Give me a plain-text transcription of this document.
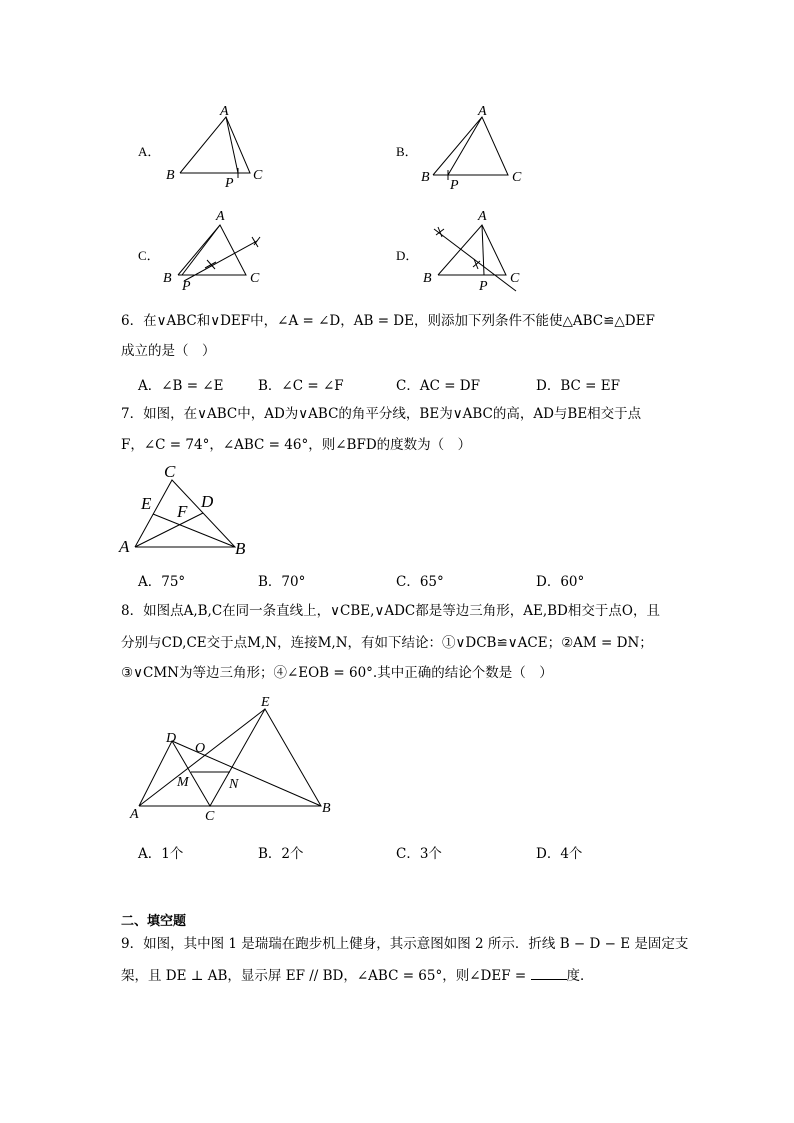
A．	B．
C．	D．
A
B	C
P
A
B	C
P
A
B	C
P
A
B	C
P
6．在∨ABC和∨DEF中，∠A = ∠D，AB = DE，则添加下列条件不能使△ABC≌△DEF
成立的是（　）
A．∠B = ∠E	B．∠C = ∠F	C．AC = DF	D．BC = EF
7．如图，在∨ABC中，AD为∨ABC的角平分线，BE为∨ABC的高，AD与BE相交于点
F，∠C = 74°，∠ABC = 46°，则∠BFD的度数为（　）
C
E	D
F
A	B
A．75°	B．70°	C．65°	D．60°
8．如图点A,B,C在同一条直线上，∨CBE,∨ADC都是等边三角形，AE,BD相交于点O，且
分别与CD,CE交于点M,N，连接M,N，有如下结论：①∨DCB≌∨ACE；②AM = DN；
③∨CMN为等边三角形；④∠EOB = 60°.其中正确的结论个数是（　）
E
D
O
M	N
A	C
B
A．1个	B．2个	C．3个	D．4个
二、填空题
9．如图，其中图 1 是瑞瑞在跑步机上健身，其示意图如图 2 所示．折线 B − D − E 是固定支
架，且 DE ⊥ AB，显示屏 EF // BD，∠ABC = 65°，则∠DEF =	度．
